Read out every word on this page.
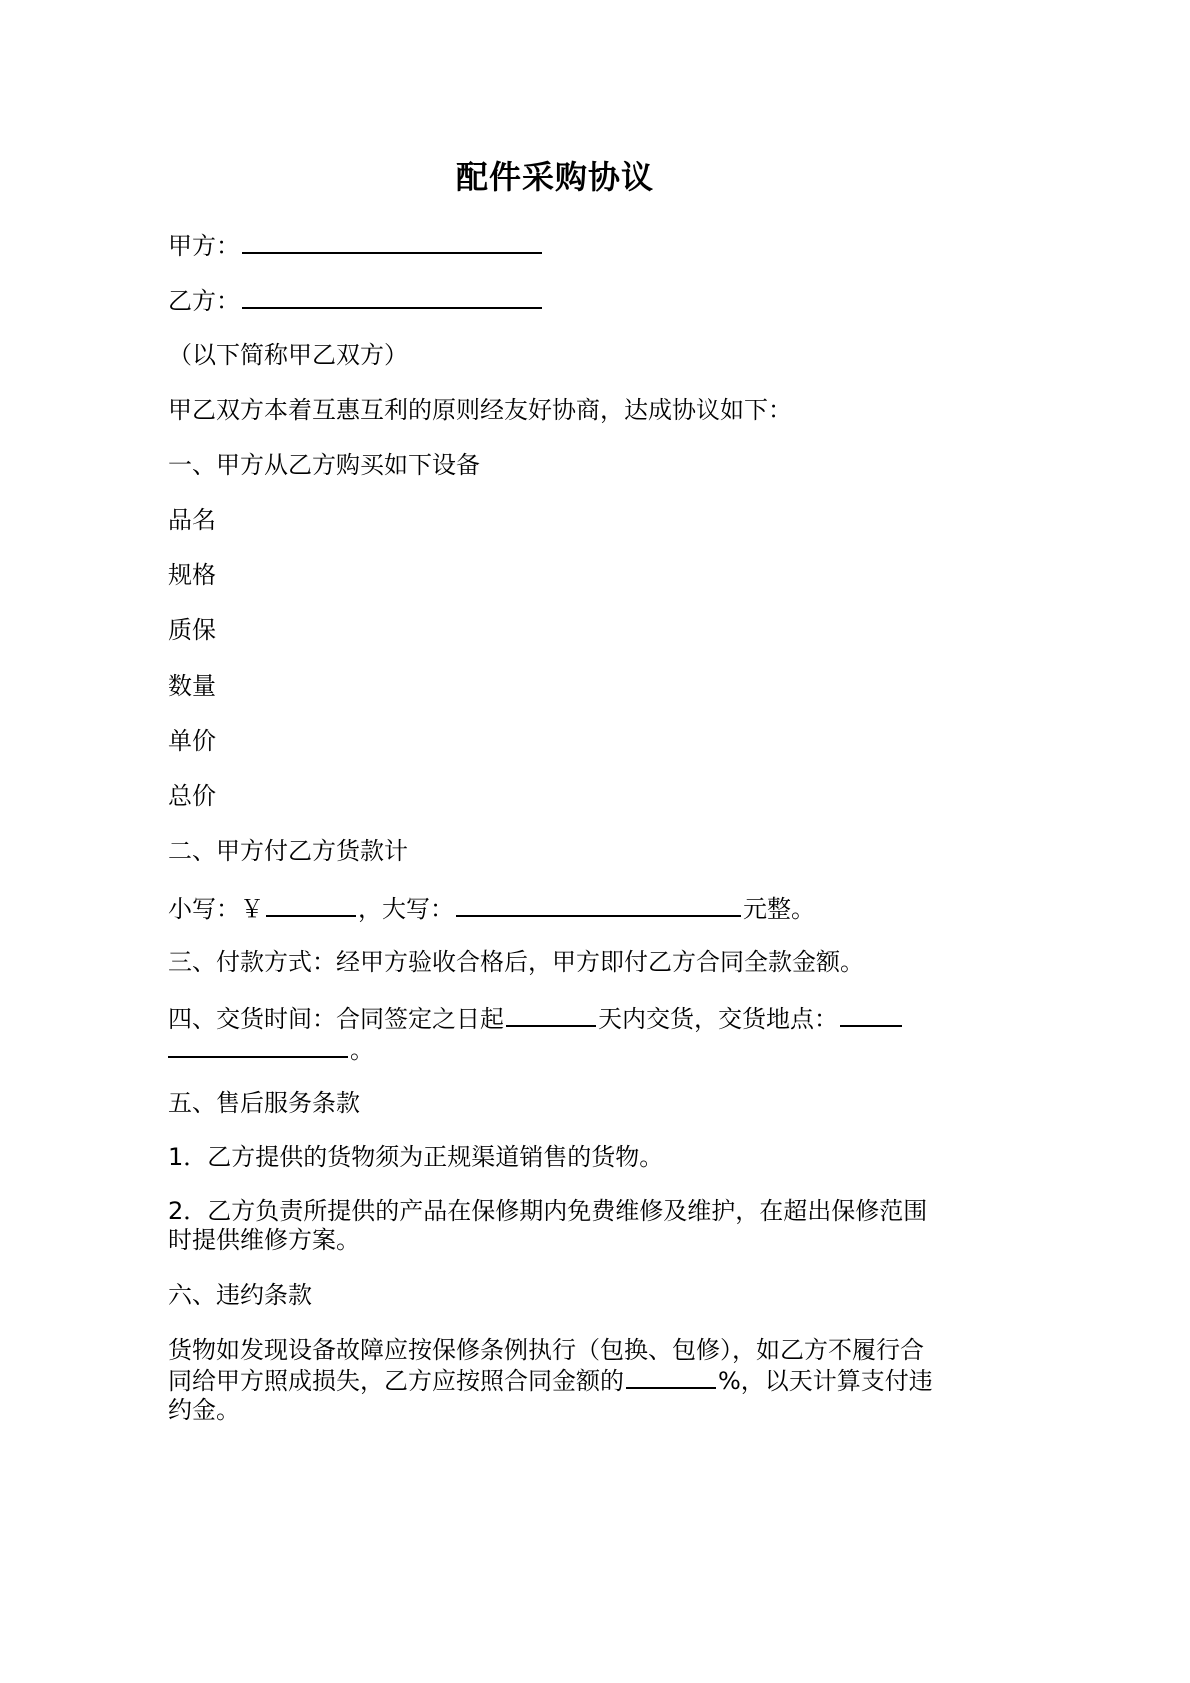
配件采购协议
甲方：
乙方：
（以下简称甲乙双方）
甲乙双方本着互惠互利的原则经友好协商，达成协议如下：
一、甲方从乙方购买如下设备
品名
规格
质保
数量
单价
总价
二、甲方付乙方货款计
小写：￥	，大写：	元整。
三、付款方式：经甲方验收合格后，甲方即付乙方合同全款金额。
四、交货时间：合同签定之日起	天内交货，交货地点：
。
五、售后服务条款
1．乙方提供的货物须为正规渠道销售的货物。
2．乙方负责所提供的产品在保修期内免费维修及维护，在超出保修范围时提供维修方案。
六、违约条款
货物如发现设备故障应按保修条例执行（包换、包修），如乙方不履行合同给甲方照成损失，乙方应按照合同金额的	%，以天计算支付违约金。
